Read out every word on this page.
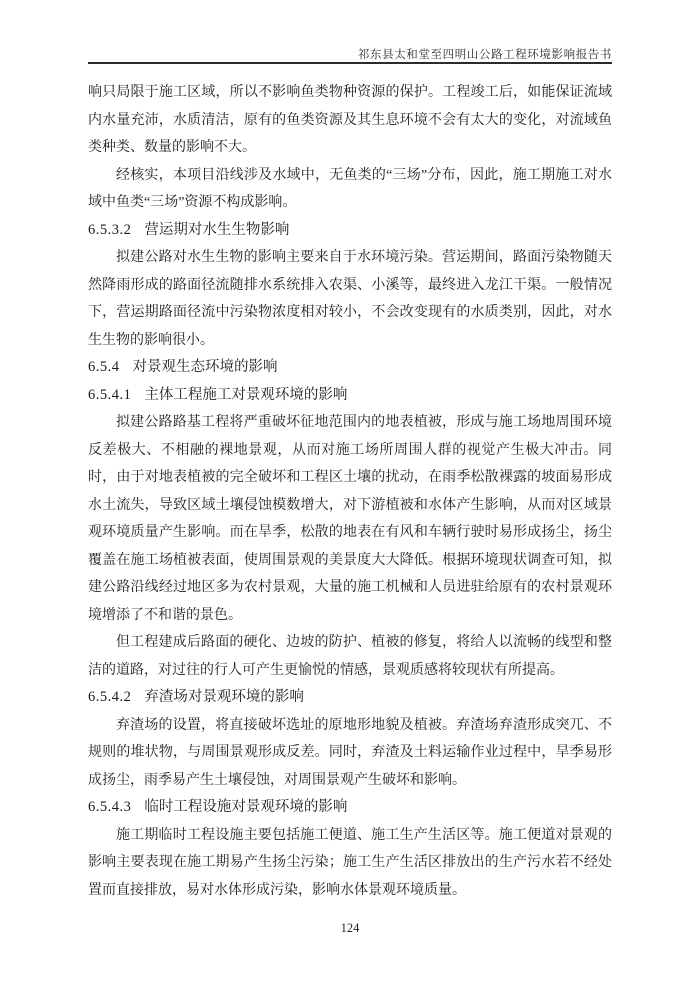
祁东县太和堂至四明山公路工程环境影响报告书

响只局限于施工区域，所以不影响鱼类物种资源的保护。工程竣工后，如能保证流域内水量充沛，水质清洁，原有的鱼类资源及其生息环境不会有太大的变化，对流域鱼类种类、数量的影响不大。

经核实，本项目沿线涉及水域中，无鱼类的“三场”分布，因此，施工期施工对水域中鱼类“三场”资源不构成影响。

6.5.3.2 营运期对水生生物影响

拟建公路对水生生物的影响主要来自于水环境污染。营运期间，路面污染物随天然降雨形成的路面径流随排水系统排入农渠、小溪等，最终进入龙江干渠。一般情况下，营运期路面径流中污染物浓度相对较小，不会改变现有的水质类别，因此，对水生生物的影响很小。

6.5.4 对景观生态环境的影响
6.5.4.1 主体工程施工对景观环境的影响

拟建公路路基工程将严重破坏征地范围内的地表植被，形成与施工场地周围环境反差极大、不相融的裸地景观，从而对施工场所周围人群的视觉产生极大冲击。同时，由于对地表植被的完全破坏和工程区土壤的扰动，在雨季松散裸露的坡面易形成水土流失，导致区域土壤侵蚀模数增大，对下游植被和水体产生影响，从而对区域景观环境质量产生影响。而在旱季，松散的地表在有风和车辆行驶时易形成扬尘，扬尘覆盖在施工场植被表面，使周围景观的美景度大大降低。根据环境现状调查可知，拟建公路沿线经过地区多为农村景观，大量的施工机械和人员进驻给原有的农村景观环境增添了不和谐的景色。

但工程建成后路面的硬化、边坡的防护、植被的修复，将给人以流畅的线型和整洁的道路，对过往的行人可产生更愉悦的情感，景观质感将较现状有所提高。

6.5.4.2 弃渣场对景观环境的影响

弃渣场的设置，将直接破坏选址的原地形地貌及植被。弃渣场弃渣形成突兀、不规则的堆状物，与周围景观形成反差。同时，弃渣及土料运输作业过程中，旱季易形成扬尘，雨季易产生土壤侵蚀，对周围景观产生破坏和影响。

6.5.4.3 临时工程设施对景观环境的影响

施工期临时工程设施主要包括施工便道、施工生产生活区等。施工便道对景观的影响主要表现在施工期易产生扬尘污染；施工生产生活区排放出的生产污水若不经处置而直接排放，易对水体形成污染，影响水体景观环境质量。

124
